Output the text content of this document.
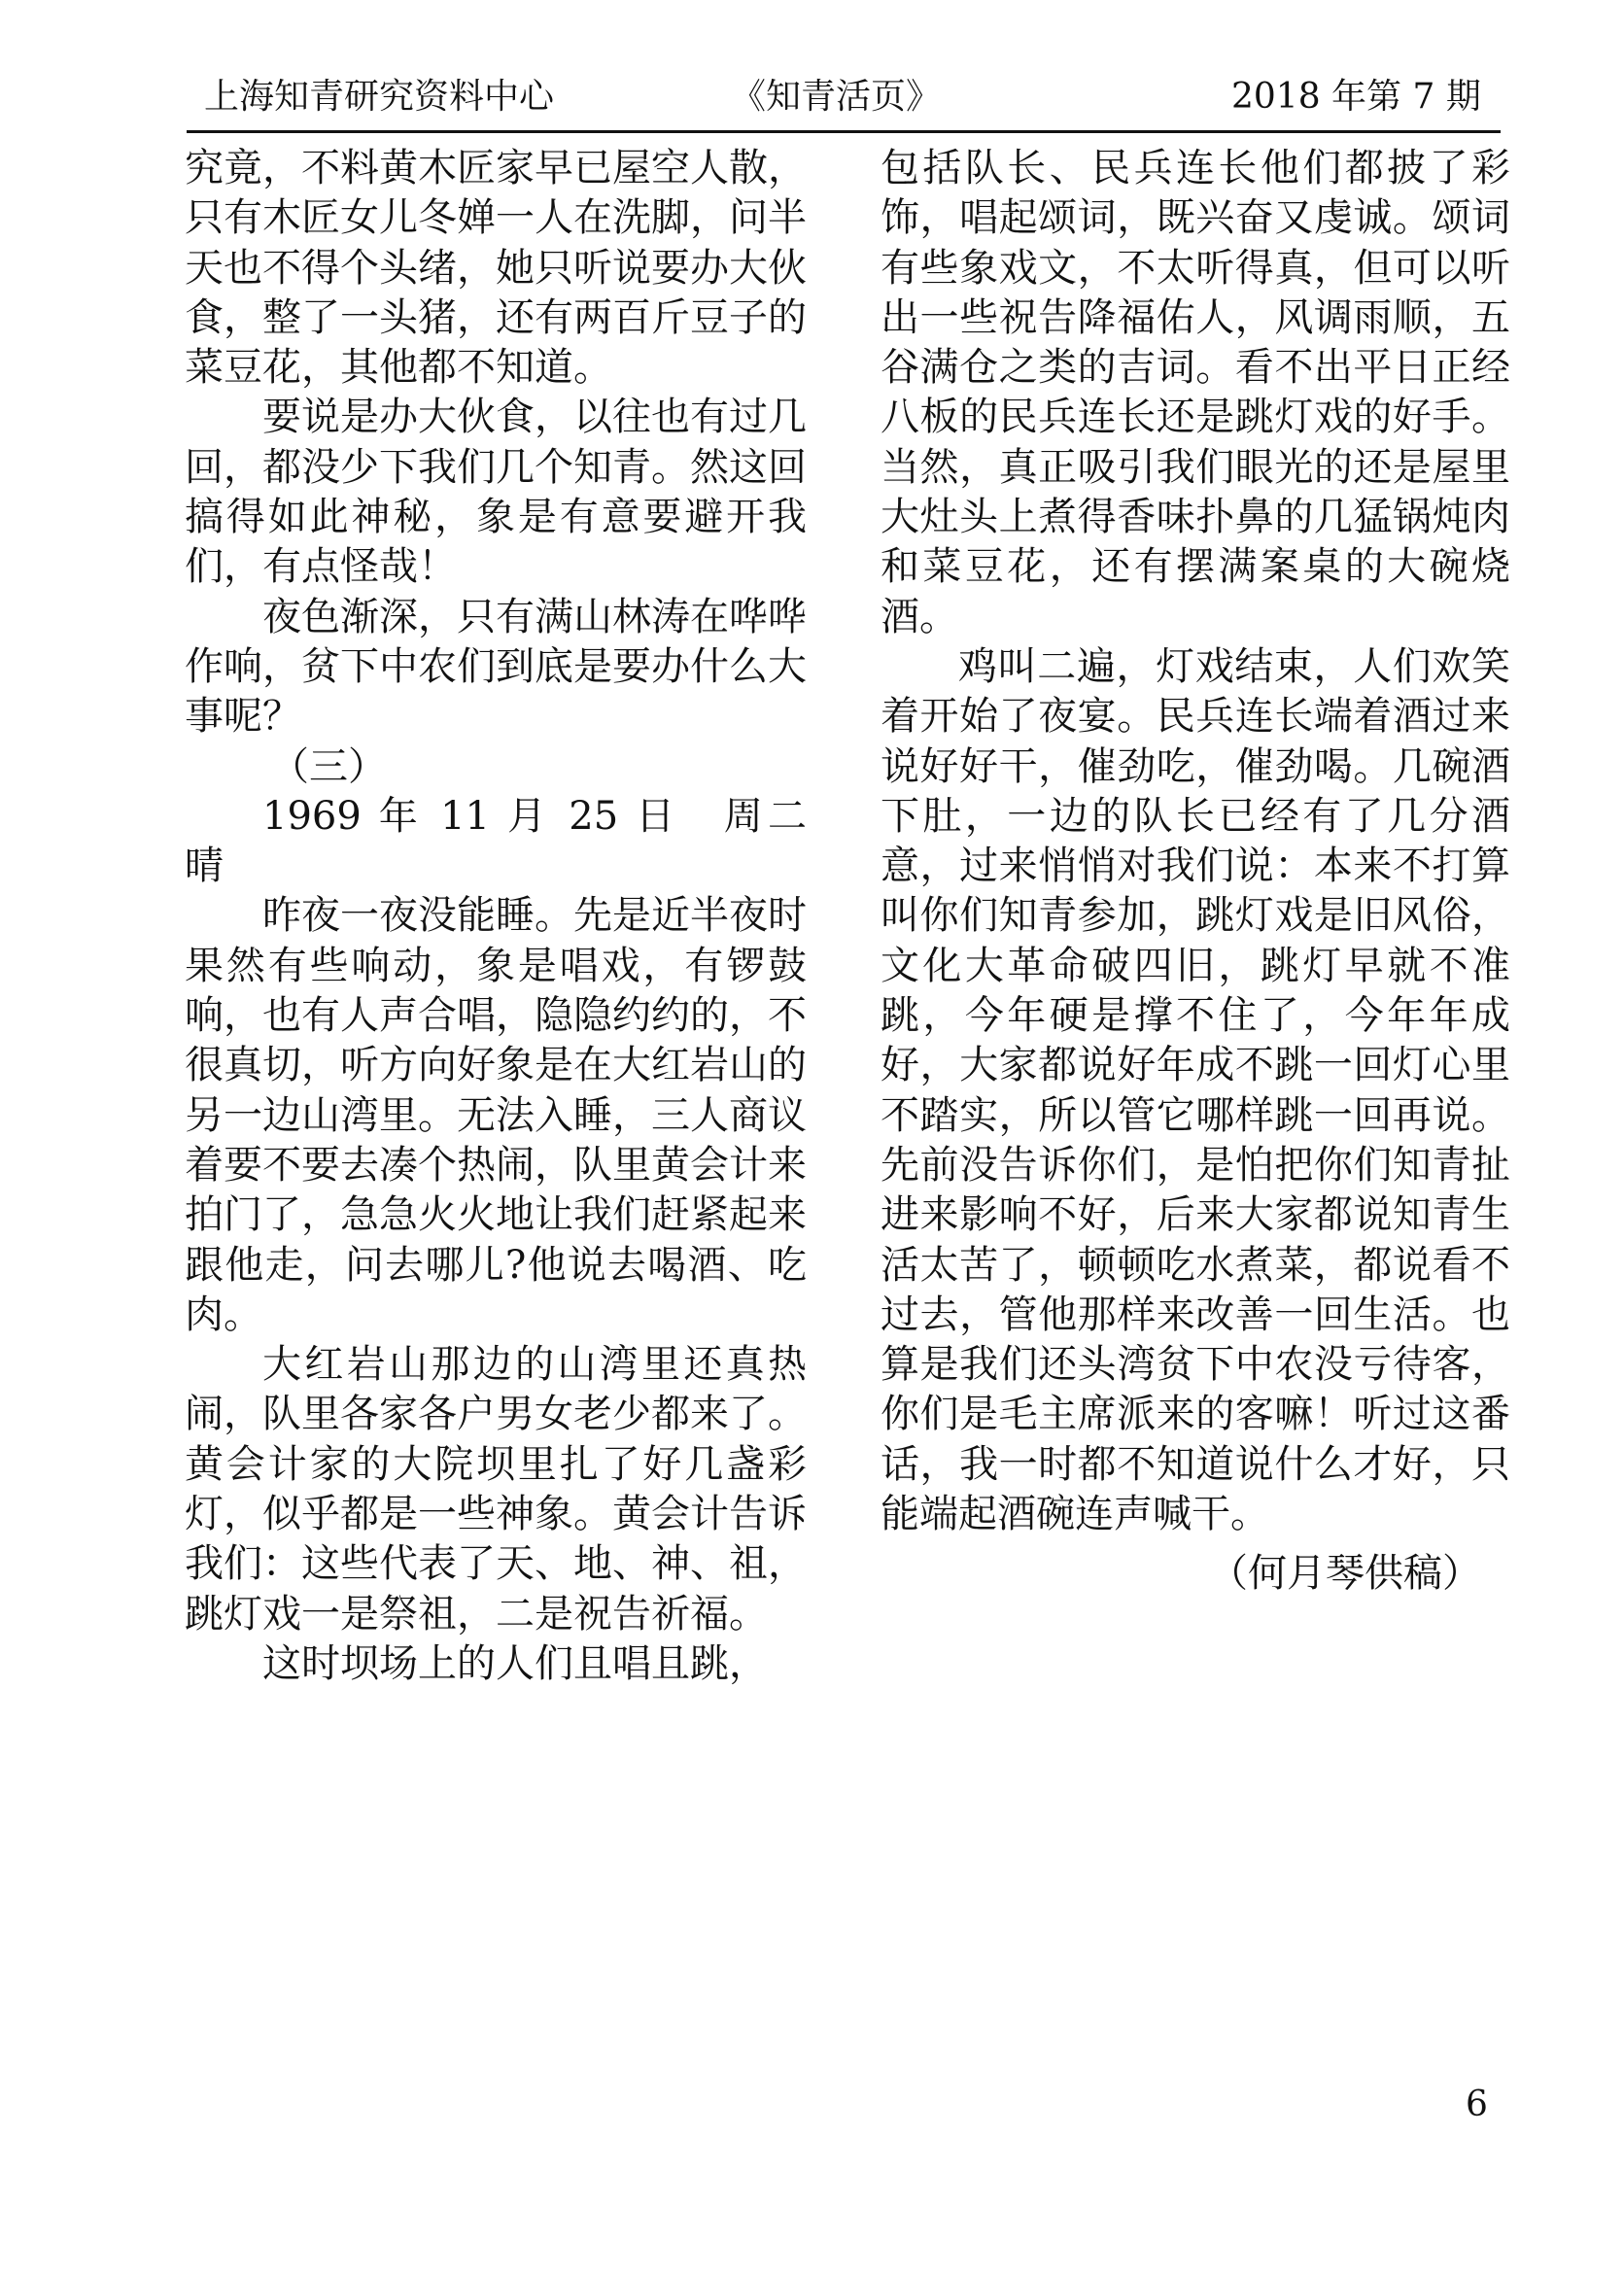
上海知青研究资料中心	《知青活页》	2018 年第 7 期

究竟，不料黄木匠家早已屋空人散，只有木匠女儿冬婵一人在洗脚，问半天也不得个头绪，她只听说要办大伙食，整了一头猪，还有两百斤豆子的菜豆花，其他都不知道。

要说是办大伙食，以往也有过几回，都没少下我们几个知青。然这回搞得如此神秘，象是有意要避开我们，有点怪哉！

夜色渐深，只有满山林涛在哗哗作响，贫下中农们到底是要办什么大事呢？

（三）

1969 年 11 月 25 日　周二　晴

昨夜一夜没能睡。先是近半夜时果然有些响动，象是唱戏，有锣鼓响，也有人声合唱，隐隐约约的，不很真切，听方向好象是在大红岩山的另一边山湾里。无法入睡，三人商议着要不要去凑个热闹，队里黄会计来拍门了，急急火火地让我们赶紧起来跟他走，问去哪儿?他说去喝酒、吃肉。

大红岩山那边的山湾里还真热闹，队里各家各户男女老少都来了。黄会计家的大院坝里扎了好几盏彩灯，似乎都是一些神象。黄会计告诉我们：这些代表了天、地、神、祖，跳灯戏一是祭祖，二是祝告祈福。

这时坝场上的人们且唱且跳，

包括队长、民兵连长他们都披了彩饰，唱起颂词，既兴奋又虔诚。颂词有些象戏文，不太听得真，但可以听出一些祝告降福佑人，风调雨顺，五谷满仓之类的吉词。看不出平日正经八板的民兵连长还是跳灯戏的好手。当然，真正吸引我们眼光的还是屋里大灶头上煮得香味扑鼻的几猛锅炖肉和菜豆花，还有摆满案桌的大碗烧酒。

鸡叫二遍，灯戏结束，人们欢笑着开始了夜宴。民兵连长端着酒过来说好好干，催劲吃，催劲喝。几碗酒下肚，一边的队长已经有了几分酒意，过来悄悄对我们说：本来不打算叫你们知青参加，跳灯戏是旧风俗，文化大革命破四旧，跳灯早就不准跳，今年硬是撑不住了，今年年成好，大家都说好年成不跳一回灯心里不踏实，所以管它哪样跳一回再说。先前没告诉你们，是怕把你们知青扯进来影响不好，后来大家都说知青生活太苦了，顿顿吃水煮菜，都说看不过去，管他那样来改善一回生活。也算是我们还头湾贫下中农没亏待客，你们是毛主席派来的客嘛！听过这番话，我一时都不知道说什么才好，只能端起酒碗连声喊干。

（何月琴供稿）

6
